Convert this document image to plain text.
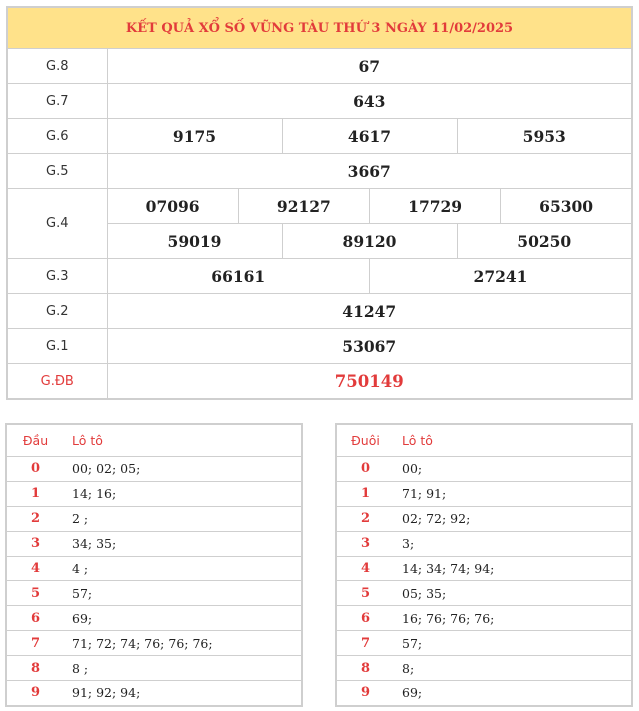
KẾT QUẢ XỔ SỐ VŨNG TÀU THỨ 3 NGÀY 11/02/2025						
G.8	67					
G.7	643					
G.6	9175		4617		5953	
G.5	3667					
G.4	07096	92127		17729		65300
	59019		89120		50250	
G.3	66161			27241		
G.2	41247					
G.1	53067					
G.ĐB	750149					
Đầu	Lô tô
0	00; 02; 05;
1	14; 16;
2	2 ;
3	34; 35;
4	4 ;
5	57;
6	69;
7	71; 72; 74; 76; 76; 76;
8	8 ;
9	91; 92; 94;
Đuôi	Lô tô
0	00;
1	71; 91;
2	02; 72; 92;
3	3;
4	14; 34; 74; 94;
5	05; 35;
6	16; 76; 76; 76;
7	57;
8	8;
9	69;
